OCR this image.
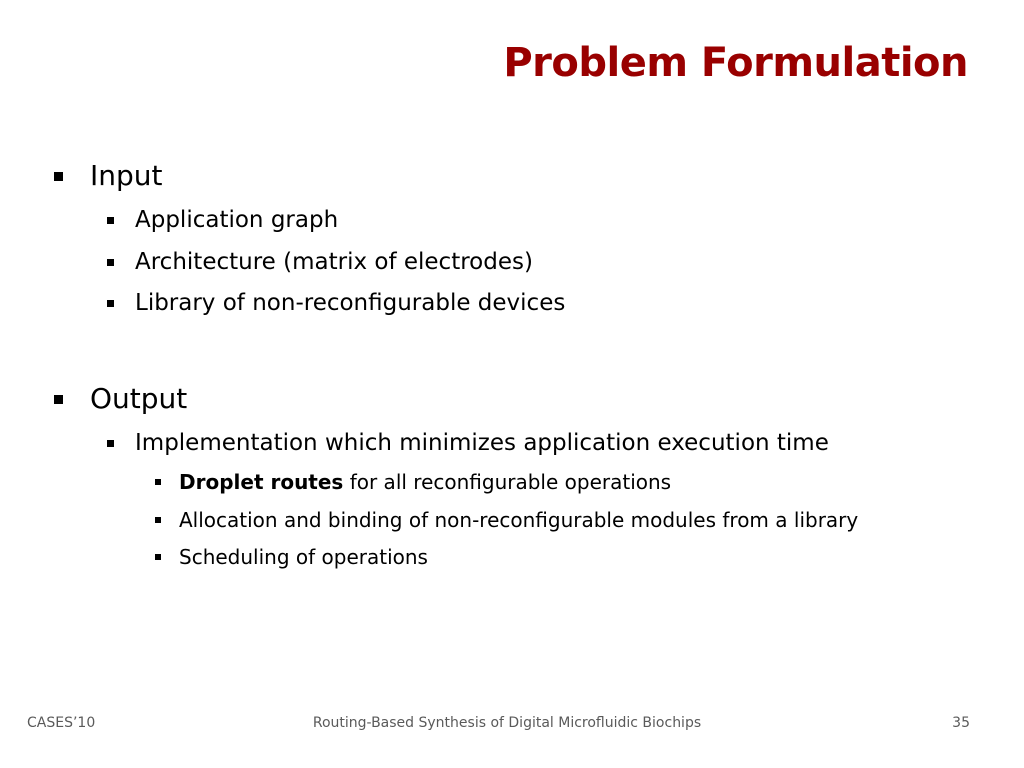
Problem Formulation
Input
Application graph
Architecture (matrix of electrodes)
Library of non-reconfigurable devices
Output
Implementation which minimizes application execution time
Droplet routes for all reconfigurable operations
Allocation and binding of non-reconfigurable modules from a library
Scheduling of operations
CASES’10	Routing-Based Synthesis of Digital Microfluidic Biochips	35
